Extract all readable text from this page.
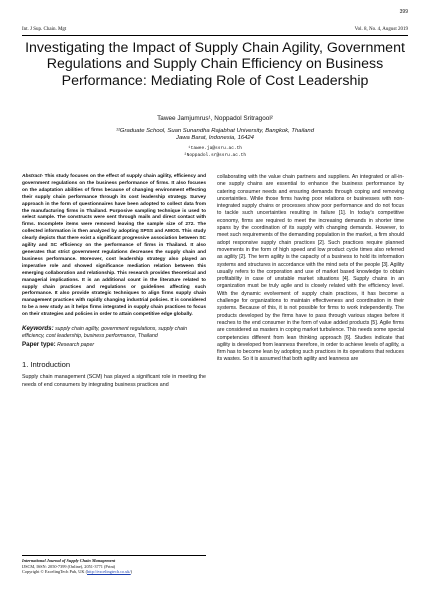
399
Int. J Sup. Chain. Mgt	Vol. 8, No. 4, August 2019
Investigating the Impact of Supply Chain Agility, Government Regulations and Supply Chain Efficiency on Business Performance: Mediating Role of Cost Leadership
Tawee Jamjumrus¹, Noppadol Sritragool²
¹²Graduate School, Suan Sunandha Rajabhat University, Bangkok, Thailand
Jawa Barat, Indonesia, 16424
¹tawee.ja@ssru.ac.th
²Noppadol.sr@ssru.ac.th

Abstract- This study focuses on the effect of supply chain agility, efficiency and government regulations on the business performance of firms. It also focuses on the adaptation abilities of firms because of changing environment effecting their supply chain performance through its cost leadership strategy. Survey approach in the form of questionnaires have been adopted to collect data from the manufacturing firms in Thailand. Purposive sampling technique is used to select sample. The constructs were sent through mails and direct contact with firms. Incomplete items were removed leaving the sample size of 272. The collected information is then analyzed by adopting SPSS and AMOS. This study clearly depicts that there exist a significant progressive association between SC agility and SC efficiency on the performance of firms in Thailand. It also generates that strict government regulations decreases the supply chain and business performance. Moreover, cost leadership strategy also played an imperative role and showed significance mediation relation between this emerging collaboration and relationship. This research provides theoretical and managerial implications. It is an additional count in the literature related to supply chain practices and regulations or guidelines affecting such performance. It also provide strategic techniques to align firms supply chain management practices with rapidly changing industrial policies. It is considered to be a new study as it helps firms integrated in supply chain practices to focus on their strategies and policies in order to attain competitive edge globally.

Keywords: supply chain agility, government regulations, supply chain efficiency, cost leadership, business performance, Thailand
Paper type: Research paper
1. Introduction

Supply chain management (SCM) has played a significant role in meeting the needs of end consumers by integrating business practices and

collaborating with the value chain partners and suppliers. An integrated or all-in-one supply chains are essential to enhance the business performance by catering consumer needs and ensuring demands through coping and removing uncertainties. While those firms having poor relations or businesses with non-integrated supply chains or processes show poor performance and do not focus to tackle such uncertainties resulting in failure [1]. In today's competitive economy, firms are required to meet the increasing demands in shorter time spans by the coordination of its supply with changing demands. However, to meet such requirements of the demanding population in the market, a firm should adopt responsive supply chain practices [2]. Such practices require planned movements in the form of high speed and low product cycle times also referred as agility [2]. The term agility is the capacity of a business to hold its information systems and structures in accordance with the mind sets of the people [3]. Agility usually refers to the corporation and use of market based knowledge to obtain profitability in case of unstable market situations [4]. Supply chains in an organization must be truly agile and is closely related with the efficiency level. With the dynamic evolvement of supply chain practices, it has become a challenge for organizations to maintain effectiveness and coordination in their systems. Because of this, it is not possible for firms to work independently. The products developed by the firms have to pass through various stages before it reaches to the end consumer in the form of value added products [5]. Agile firms are considered as masters in coping market turbulence. This needs some special competencies different from lean thinking approach [6]. Studies indicate that agility is developed from leanness therefore, in order to achieve levels of agility, a firm has to become lean by adopting such practices in its operations that reduces its wastes. So it is assumed that both agility and leanness are

International Journal of Supply Chain Management
IJSCM, ISSN: 2050-7399 (Online), 2051-3771 (Print)
Copyright © ExcelingTech Pub, UK (http://excelingtech.co.uk/)
